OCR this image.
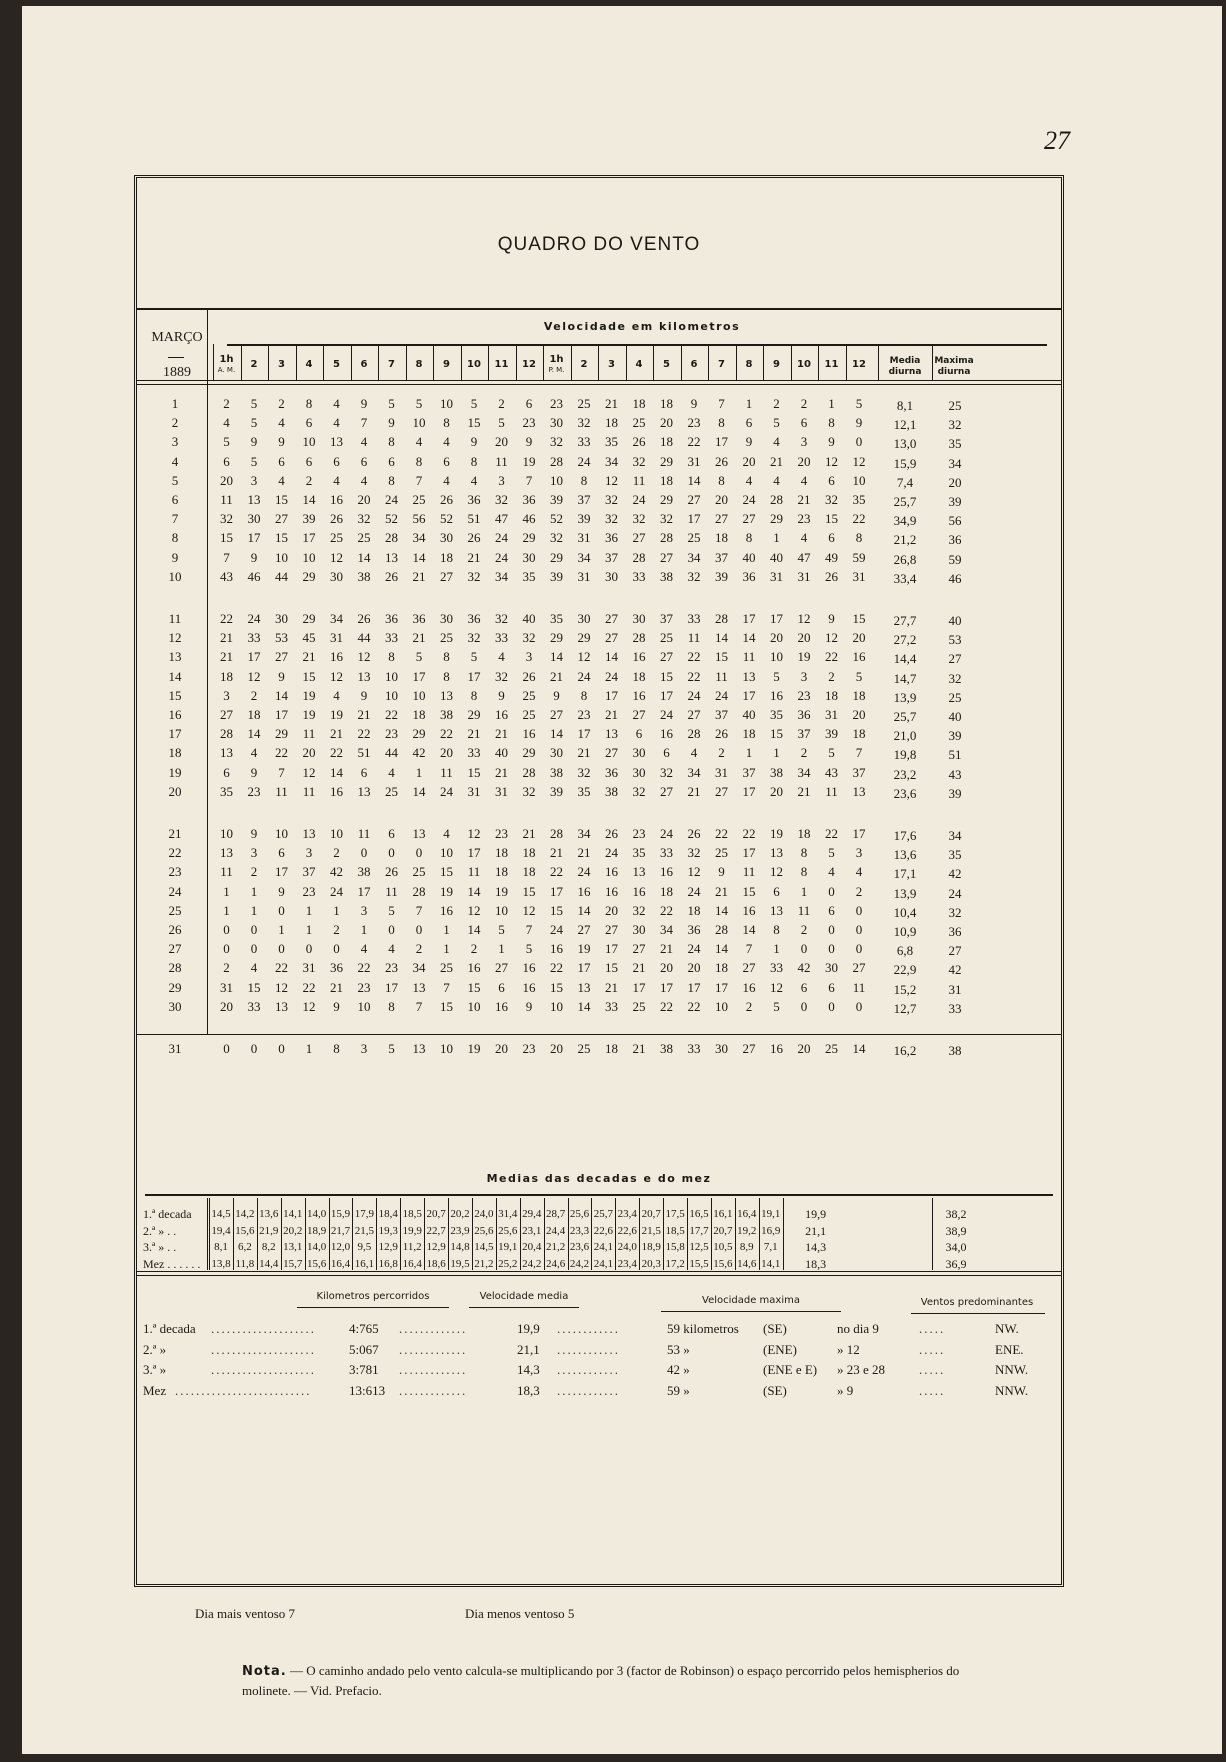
27
QUADRO DO VENTO
MARÇO
1889
Velocidade em kilometros
1h
A. M.	2	3	4	5	6	7	8	9	10	11	12	1h
P. M.	2	3	4	5	6	7	8	9	10	11	12	Media diurna
Maxima diurna
1	2	5	2	8	4	9	5	5	10	5	2	6	23	25	21	18	18	9	7	1	2	2	1	5	8,1	25
2	4	5	4	6	4	7	9	10	8	15	5	23	30	32	18	25	20	23	8	6	5	6	8	9	12,1	32
3	5	9	9	10	13	4	8	4	4	9	20	9	32	33	35	26	18	22	17	9	4	3	9	0	13,0	35
4	6	5	6	6	6	6	6	8	6	8	11	19	28	24	34	32	29	31	26	20	21	20	12	12	15,9	34
5	20	3	4	2	4	4	8	7	4	4	3	7	10	8	12	11	18	14	8	4	4	4	6	10	7,4	20
6	11	13	15	14	16	20	24	25	26	36	32	36	39	37	32	24	29	27	20	24	28	21	32	35	25,7	39
7	32	30	27	39	26	32	52	56	52	51	47	46	52	39	32	32	32	17	27	27	29	23	15	22	34,9	56
8	15	17	15	17	25	25	28	34	30	26	24	29	32	31	36	27	28	25	18	8	1	4	6	8	21,2	36
9	7	9	10	10	12	14	13	14	18	21	24	30	29	34	37	28	27	34	37	40	40	47	49	59	26,8	59
10	43	46	44	29	30	38	26	21	27	32	34	35	39	31	30	33	38	32	39	36	31	31	26	31	33,4	46
11	22	24	30	29	34	26	36	36	30	36	32	40	35	30	27	30	37	33	28	17	17	12	9	15	27,7	40
12	21	33	53	45	31	44	33	21	25	32	33	32	29	29	27	28	25	11	14	14	20	20	12	20	27,2	53
13	21	17	27	21	16	12	8	5	8	5	4	3	14	12	14	16	27	22	15	11	10	19	22	16	14,4	27
14	18	12	9	15	12	13	10	17	8	17	32	26	21	24	24	18	15	22	11	13	5	3	2	5	14,7	32
15	3	2	14	19	4	9	10	10	13	8	9	25	9	8	17	16	17	24	24	17	16	23	18	18	13,9	25
16	27	18	17	19	19	21	22	18	38	29	16	25	27	23	21	27	24	27	37	40	35	36	31	20	25,7	40
17	28	14	29	11	21	22	23	29	22	21	21	16	14	17	13	6	16	28	26	18	15	37	39	18	21,0	39
18	13	4	22	20	22	51	44	42	20	33	40	29	30	21	27	30	6	4	2	1	1	2	5	7	19,8	51
19	6	9	7	12	14	6	4	1	11	15	21	28	38	32	36	30	32	34	31	37	38	34	43	37	23,2	43
20	35	23	11	11	16	13	25	14	24	31	31	32	39	35	38	32	27	21	27	17	20	21	11	13	23,6	39
21	10	9	10	13	10	11	6	13	4	12	23	21	28	34	26	23	24	26	22	22	19	18	22	17	17,6	34
22	13	3	6	3	2	0	0	0	10	17	18	18	21	21	24	35	33	32	25	17	13	8	5	3	13,6	35
23	11	2	17	37	42	38	26	25	15	11	18	18	22	24	16	13	16	12	9	11	12	8	4	4	17,1	42
24	1	1	9	23	24	17	11	28	19	14	19	15	17	16	16	16	18	24	21	15	6	1	0	2	13,9	24
25	1	1	0	1	1	3	5	7	16	12	10	12	15	14	20	32	22	18	14	16	13	11	6	0	10,4	32
26	0	0	1	1	2	1	0	0	1	14	5	7	24	27	27	30	34	36	28	14	8	2	0	0	10,9	36
27	0	0	0	0	0	4	4	2	1	2	1	5	16	19	17	27	21	24	14	7	1	0	0	0	6,8	27
28	2	4	22	31	36	22	23	34	25	16	27	16	22	17	15	21	20	20	18	27	33	42	30	27	22,9	42
29	31	15	12	22	21	23	17	13	7	15	6	16	15	13	21	17	17	17	17	16	12	6	6	11	15,2	31
30	20	33	13	12	9	10	8	7	15	10	16	9	10	14	33	25	22	22	10	2	5	0	0	0	12,7	33
31	0	0	0	1	8	3	5	13	10	19	20	23	20	25	18	21	38	33	30	27	16	20	25	14	16,2	38
Medias das decadas e do mez
1.ª decada	14,5 14,2 13,6 14,1 14,0 15,9 17,9 18,4 18,5 20,7 20,2 24,0 31,4 29,4 28,7 25,6 25,7 23,4 20,7 17,5 16,5 16,1 16,4 19,1	19,9	38,2
2.ª » . .	19,4 15,6 21,9 20,2 18,9 21,7 21,5 19,3 19,9 22,7 23,9 25,6 25,6 23,1 24,4 23,3 22,6 22,6 21,5 18,5 17,7 20,7 19,2 16,9	21,1	38,9
3.ª » . .	8,1 6,2 8,2 13,1 14,0 12,0 9,5 12,9 11,2 12,9 14,8 14,5 19,1 20,4 21,2 23,6 24,1 24,0 18,9 15,8 12,5 10,5 8,9 7,1	14,3	34,0
Mez . . . . . .	13,8 11,8 14,4 15,7 15,6 16,4 16,1 16,8 16,4 18,6 19,5 21,2 25,2 24,2 24,6 24,2 24,1 23,4 20,3 17,2 15,5 15,6 14,6 14,1	18,3	36,9
Kilometros percorridos	Velocidade media	Velocidade maxima	Ventos predominantes
1.ª decada ....................	4:765 .............	19,9 ............	59 kilometros (SE)	no dia 9	.....	NW.
2.ª »	....................	5:067 .............	21,1 ............	53 »	(ENE)	» 12	.....	ENE.
3.ª »	....................	3:781 .............	14,3 ............	42 »	(ENE e E) » 23 e 28	.....	NNW.
Mez ..........................	13:613 .............	18,3 ............	59 »	(SE)	» 9	.....	NNW.
Dia mais ventoso 7	Dia menos ventoso 5
Nota. — O caminho andado pelo vento calcula-se multiplicando por 3 (factor de Robinson) o espaço percorrido pelos hemispherios do molinete. — Vid. Prefacio.
